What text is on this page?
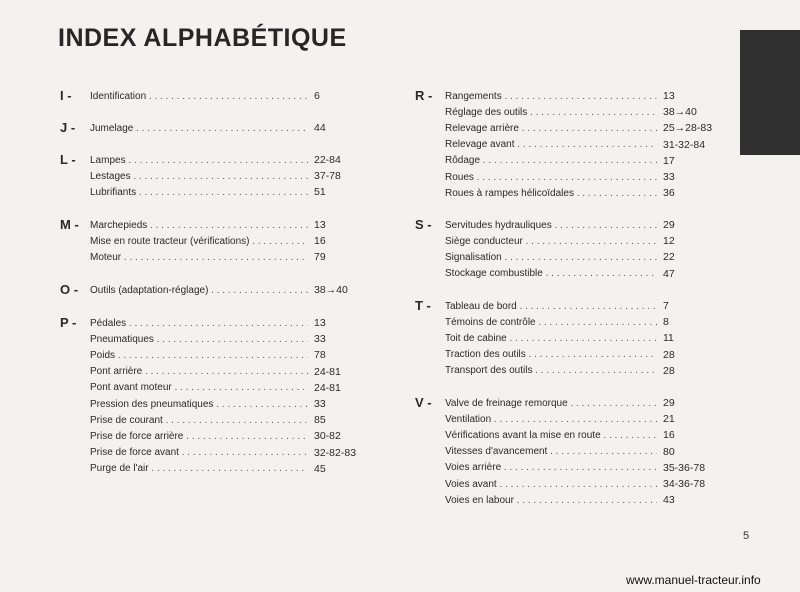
INDEX ALPHABÉTIQUE
I -	Identification . . .	6
J -	Jumelage . . .	44
L -	Lampes . . .	22-84
Lestages . . .	37-78
Lubrifiants . . .	51
M -	Marchepieds . . .	13
Mise en route tracteur (vérifications) . . .	16
Moteur . . .	79
O -	Outils (adaptation-réglage) . . .	38→40
P -	Pédales . . .	13
Pneumatiques . . .	33
Poids . . .	78
Pont arrière . . .	24-81
Pont avant moteur . . .	24-81
Pression des pneumatiques . . .	33
Prise de courant . . .	85
Prise de force arrière . . .	30-82
Prise de force avant . . .	32-82-83
Purge de l'air . . .	45
R -	Rangements . . .	13
Réglage des outils . . .	38→40
Relevage arrière . . .	25→28-83
Relevage avant . . .	31-32-84
Rôdage . . .	17
Roues . . .	33
Roues à rampes hélicoïdales . . .	36
S -	Servitudes hydrauliques . . .	29
Siège conducteur . . .	12
Signalisation . . .	22
Stockage combustible . . .	47
T -	Tableau de bord . . .	7
Témoins de contrôle . . .	8
Toit de cabine . . .	11
Traction des outils . . .	28
Transport des outils . . .	28
V -	Valve de freinage remorque . . .	29
Ventilation . . .	21
Vérifications avant la mise en route . . .	16
Vitesses d'avancement . . .	80
Voies arrière . . .	35-36-78
Voies avant . . .	34-36-78
Voies en labour . . .	43
5
www.manuel-tracteur.info
